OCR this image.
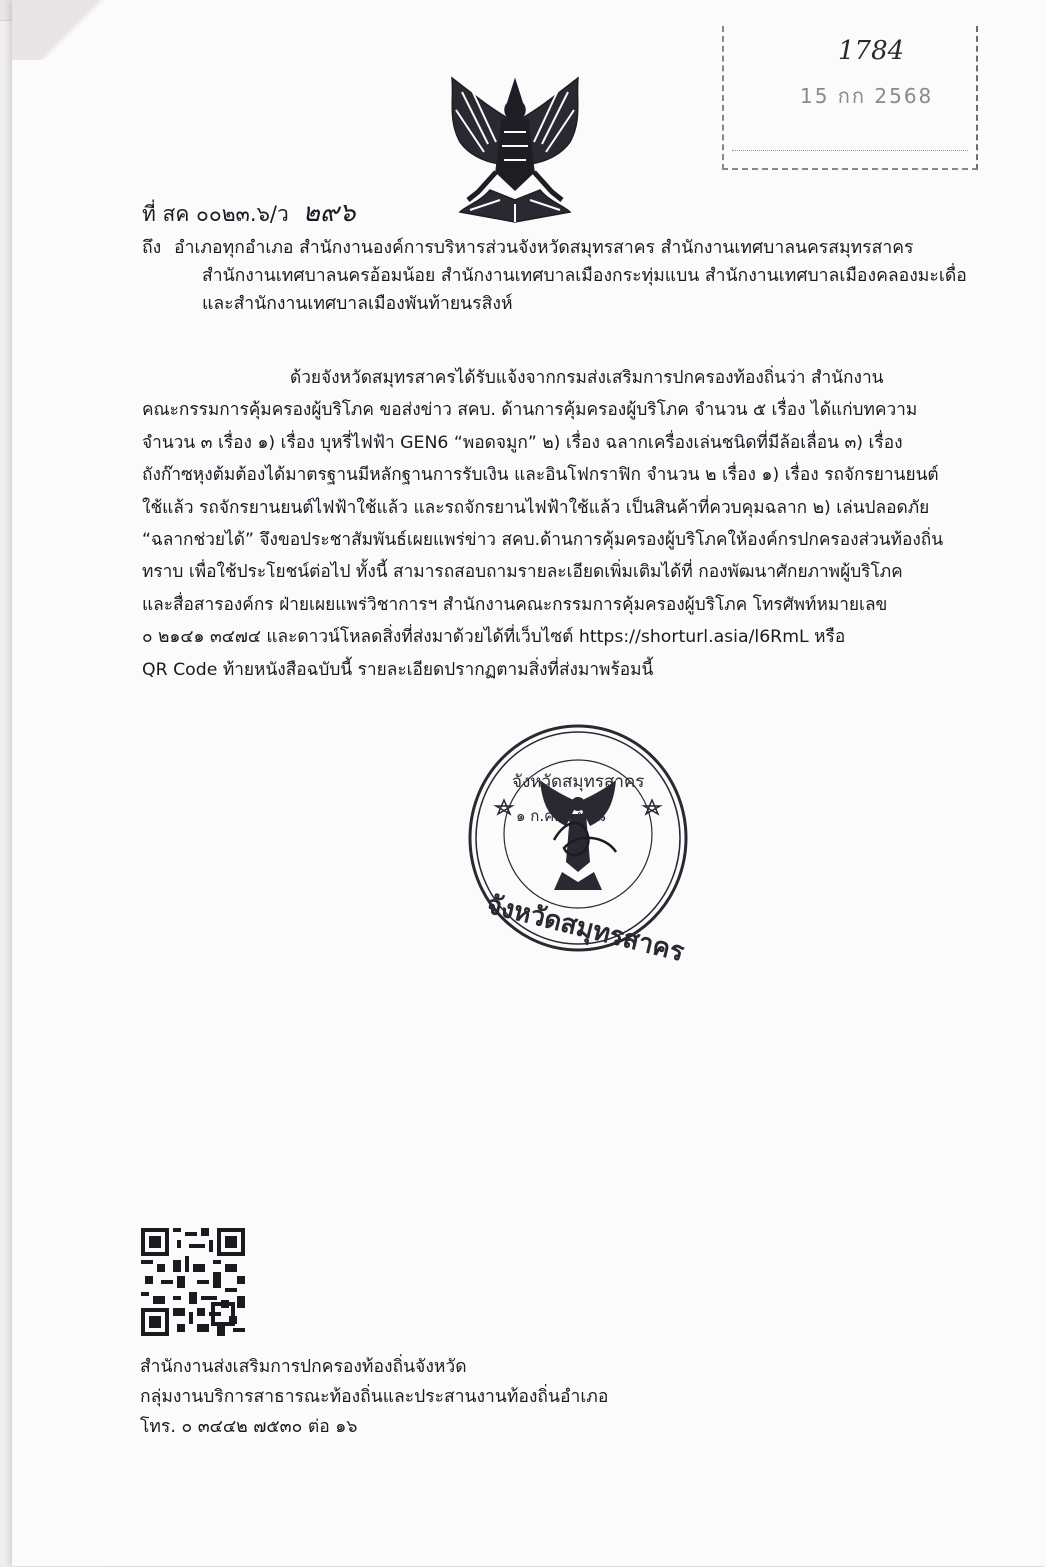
1784
15 กก 2568
ที่ สค ๐๐๒๓.๖/ว ๒๙๖
ถึง อำเภอทุกอำเภอ สำนักงานองค์การบริหารส่วนจังหวัดสมุทรสาคร สำนักงานเทศบาลนครสมุทรสาคร
สำนักงานเทศบาลนครอ้อมน้อย สำนักงานเทศบาลเมืองกระทุ่มแบน สำนักงานเทศบาลเมืองคลองมะเดื่อ
และสำนักงานเทศบาลเมืองพันท้ายนรสิงห์
ด้วยจังหวัดสมุทรสาครได้รับแจ้งจากกรมส่งเสริมการปกครองท้องถิ่นว่า สำนักงาน
คณะกรรมการคุ้มครองผู้บริโภค ขอส่งข่าว สคบ. ด้านการคุ้มครองผู้บริโภค จำนวน ๕ เรื่อง ได้แก่บทความ
จำนวน ๓ เรื่อง ๑) เรื่อง บุหรี่ไฟฟ้า GEN6 “พอดจมูก” ๒) เรื่อง ฉลากเครื่องเล่นชนิดที่มีล้อเลื่อน ๓) เรื่อง
ถังก๊าซหุงต้มต้องได้มาตรฐานมีหลักฐานการรับเงิน และอินโฟกราฟิก จำนวน ๒ เรื่อง ๑) เรื่อง รถจักรยานยนต์
ใช้แล้ว รถจักรยานยนต์ไฟฟ้าใช้แล้ว และรถจักรยานไฟฟ้าใช้แล้ว เป็นสินค้าที่ควบคุมฉลาก ๒) เล่นปลอดภัย
“ฉลากช่วยได้” จึงขอประชาสัมพันธ์เผยแพร่ข่าว สคบ.ด้านการคุ้มครองผู้บริโภคให้องค์กรปกครองส่วนท้องถิ่น
ทราบ เพื่อใช้ประโยชน์ต่อไป ทั้งนี้ สามารถสอบถามรายละเอียดเพิ่มเติมได้ที่ กองพัฒนาศักยภาพผู้บริโภค
และสื่อสารองค์กร ฝ่ายเผยแพร่วิชาการฯ สำนักงานคณะกรรมการคุ้มครองผู้บริโภค โทรศัพท์หมายเลข
๐ ๒๑๔๑ ๓๔๗๔ และดาวน์โหลดสิ่งที่ส่งมาด้วยได้ที่เว็บไซต์ https://shorturl.asia/l6RmL หรือ
QR Code ท้ายหนังสือฉบับนี้ รายละเอียดปรากฏตามสิ่งที่ส่งมาพร้อมนี้
จังหวัดสมุทรสาคร
๑ ก.ค. ๒๕๖๘
จังหวัดสมุทรสาคร
สำนักงานส่งเสริมการปกครองท้องถิ่นจังหวัด
กลุ่มงานบริการสาธารณะท้องถิ่นและประสานงานท้องถิ่นอำเภอ
โทร. ๐ ๓๔๔๒ ๗๕๓๐ ต่อ ๑๖
